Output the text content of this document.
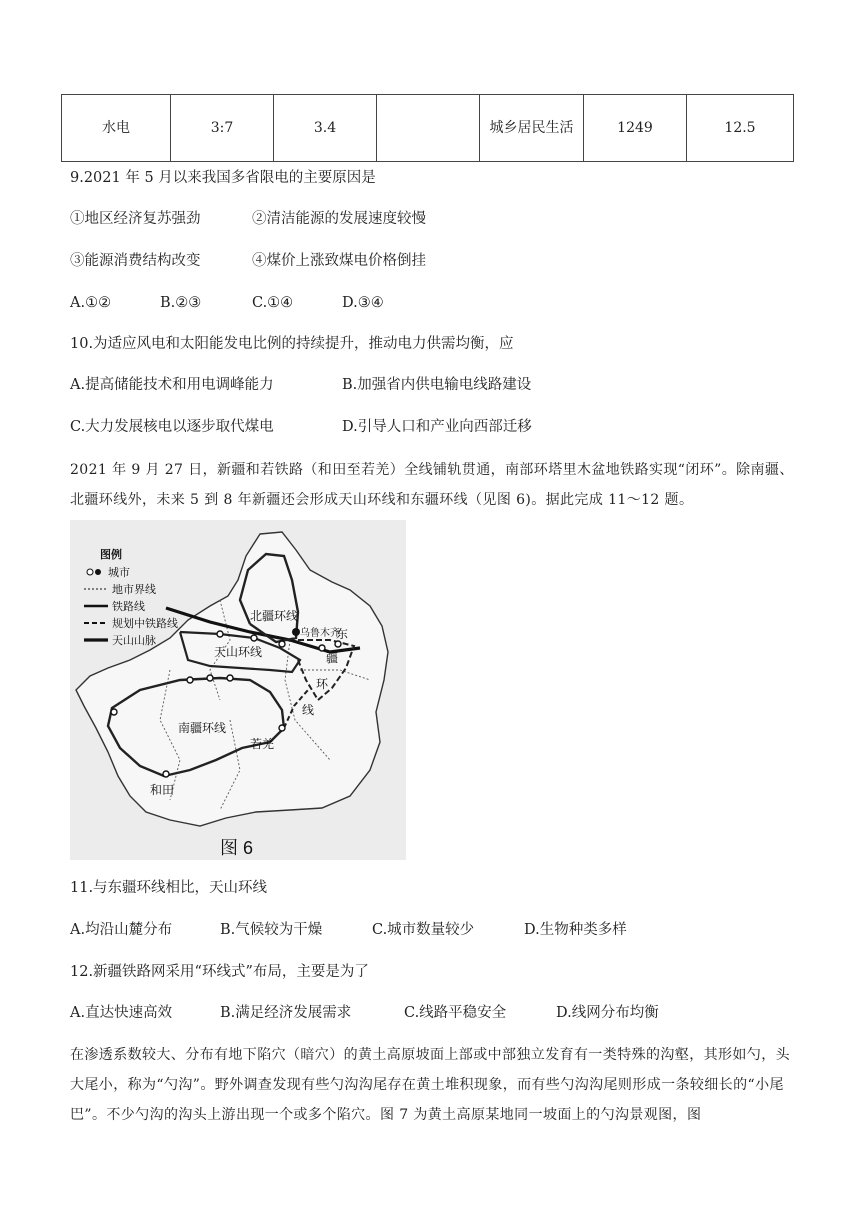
水电	3:7	3.4		城乡居民生活	1249	12.5
9.2021 年 5 月以来我国多省限电的主要原因是
①地区经济复苏强劲	②清洁能源的发展速度较慢
③能源消费结构改变	④煤价上涨致煤电价格倒挂
A.①②	B.②③	C.①④	D.③④
10.为适应风电和太阳能发电比例的持续提升，推动电力供需均衡，应
A.提高储能技术和用电调峰能力	B.加强省内供电输电线路建设
C.大力发展核电以逐步取代煤电	D.引导人口和产业向西部迁移
2021 年 9 月 27 日，新疆和若铁路（和田至若羌）全线铺轨贯通，南部环塔里木盆地铁路实现“闭环”。除南疆、北疆环线外，未来 5 到 8 年新疆还会形成天山环线和东疆环线（见图 6)。据此完成 11～12 题。
图例
城市
地市界线
铁路线
规划中铁路线
天山山脉
北疆环线
乌鲁木齐
天山环线
东
疆
环
线
南疆环线
若羌
和田
图 6
11.与东疆环线相比，天山环线
A.均沿山麓分布	B.气候较为干燥	C.城市数量较少	D.生物种类多样
12.新疆铁路网采用“环线式”布局，主要是为了
A.直达快速高效	B.满足经济发展需求	C.线路平稳安全	D.线网分布均衡
在渗透系数较大、分布有地下陷穴（暗穴）的黄土高原坡面上部或中部独立发育有一类特殊的沟壑，其形如勺，头大尾小，称为“勺沟”。野外调查发现有些勺沟沟尾存在黄土堆积现象，而有些勺沟沟尾则形成一条较细长的“小尾巴”。不少勺沟的沟头上游出现一个或多个陷穴。图 7 为黄土高原某地同一坡面上的勺沟景观图，图
